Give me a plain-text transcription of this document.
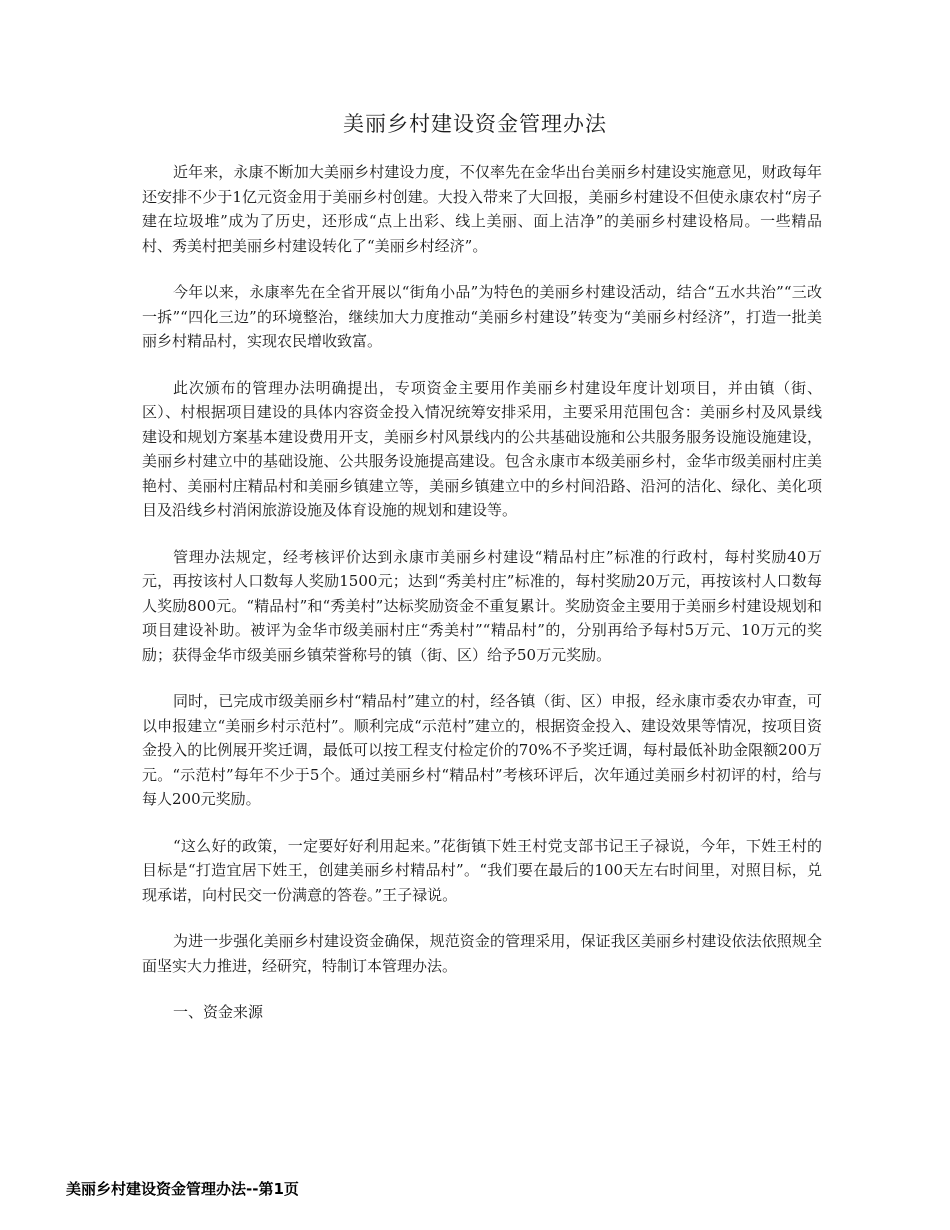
美丽乡村建设资金管理办法

近年来，永康不断加大美丽乡村建设力度，不仅率先在金华出台美丽乡村建设实施意见，财政每年还安排不少于1亿元资金用于美丽乡村创建。大投入带来了大回报，美丽乡村建设不但使永康农村“房子建在垃圾堆”成为了历史，还形成“点上出彩、线上美丽、面上洁净”的美丽乡村建设格局。一些精品村、秀美村把美丽乡村建设转化了“美丽乡村经济”。

今年以来，永康率先在全省开展以“街角小品”为特色的美丽乡村建设活动，结合“五水共治”“三改一拆”“四化三边”的环境整治，继续加大力度推动“美丽乡村建设”转变为“美丽乡村经济”，打造一批美丽乡村精品村，实现农民增收致富。

此次颁布的管理办法明确提出，专项资金主要用作美丽乡村建设年度计划项目，并由镇（街、区）、村根据项目建设的具体内容资金投入情况统筹安排采用，主要采用范围包含：美丽乡村及风景线建设和规划方案基本建设费用开支，美丽乡村风景线内的公共基础设施和公共服务服务设施设施建设，美丽乡村建立中的基础设施、公共服务设施提高建设。包含永康市本级美丽乡村，金华市级美丽村庄美艳村、美丽村庄精品村和美丽乡镇建立等，美丽乡镇建立中的乡村间沿路、沿河的洁化、绿化、美化项目及沿线乡村消闲旅游设施及体育设施的规划和建设等。

管理办法规定，经考核评价达到永康市美丽乡村建设“精品村庄”标准的行政村，每村奖励40万元，再按该村人口数每人奖励1500元；达到“秀美村庄”标准的，每村奖励20万元，再按该村人口数每人奖励800元。“精品村”和“秀美村”达标奖励资金不重复累计。奖励资金主要用于美丽乡村建设规划和项目建设补助。被评为金华市级美丽村庄“秀美村”“精品村”的，分别再给予每村5万元、10万元的奖励；获得金华市级美丽乡镇荣誉称号的镇（街、区）给予50万元奖励。

同时，已完成市级美丽乡村“精品村”建立的村，经各镇（街、区）申报，经永康市委农办审查，可以申报建立“美丽乡村示范村”。顺利完成“示范村”建立的，根据资金投入、建设效果等情况，按项目资金投入的比例展开奖迁调，最低可以按工程支付检定价的70%不予奖迁调，每村最低补助金限额200万元。“示范村”每年不少于5个。通过美丽乡村“精品村”考核环评后，次年通过美丽乡村初评的村，给与每人200元奖励。

“这么好的政策，一定要好好利用起来。”花街镇下姓王村党支部书记王子禄说，今年，下姓王村的目标是“打造宜居下姓王，创建美丽乡村精品村”。“我们要在最后的100天左右时间里，对照目标，兑现承诺，向村民交一份满意的答卷。”王子禄说。

为进一步强化美丽乡村建设资金确保，规范资金的管理采用，保证我区美丽乡村建设依法依照规全面坚实大力推进，经研究，特制订本管理办法。

一、资金来源

美丽乡村建设资金管理办法--第1页
